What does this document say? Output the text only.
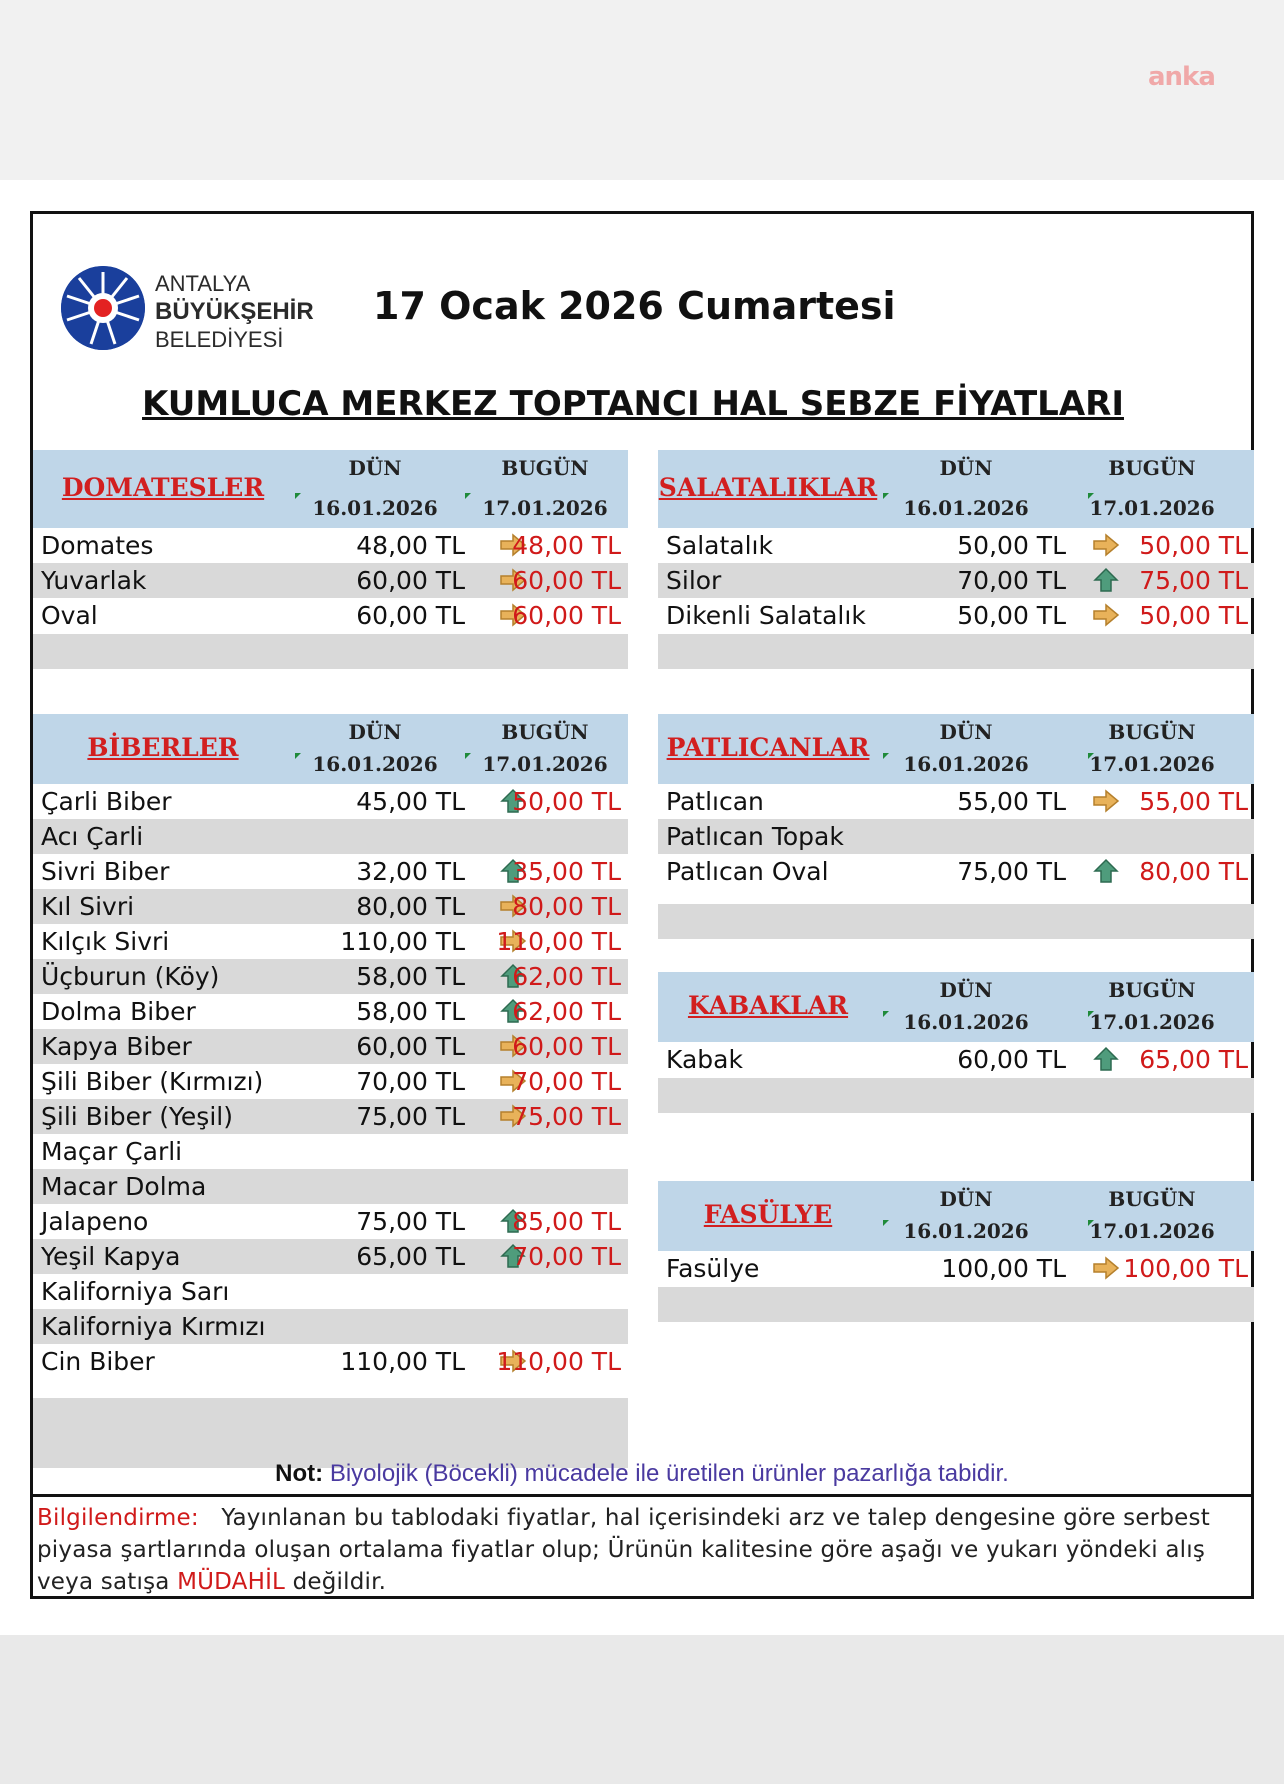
anka
ANTALYA
BÜYÜKŞEHİR
BELEDİYESİ
17 Ocak 2026 Cumartesi
KUMLUCA MERKEZ TOPTANCI HAL SEBZE FİYATLARI
DOMATESLER
DÜN	BUGÜN
16.01.2026	17.01.2026
Domates	48,00 TL	48,00 TL
Yuvarlak	60,00 TL	60,00 TL
Oval	60,00 TL	60,00 TL
SALATALIKLAR
DÜN	BUGÜN
16.01.2026	17.01.2026
Salatalık	50,00 TL	50,00 TL
Silor	70,00 TL	75,00 TL
Dikenli Salatalık	50,00 TL	50,00 TL
BİBERLER
DÜN	BUGÜN
16.01.2026	17.01.2026
Çarli Biber	45,00 TL	50,00 TL
Acı Çarli
Sivri Biber	32,00 TL	35,00 TL
Kıl Sivri	80,00 TL	80,00 TL
Kılçık Sivri	110,00 TL	110,00 TL
Üçburun (Köy)	58,00 TL	62,00 TL
Dolma Biber	58,00 TL	62,00 TL
Kapya Biber	60,00 TL	60,00 TL
Şili Biber (Kırmızı)	70,00 TL	70,00 TL
Şili Biber (Yeşil)	75,00 TL	75,00 TL
Maçar Çarli
Macar Dolma
Jalapeno	75,00 TL	85,00 TL
Yeşil Kapya	65,00 TL	70,00 TL
Kaliforniya Sarı
Kaliforniya Kırmızı
Cin Biber	110,00 TL	110,00 TL
PATLICANLAR
DÜN	BUGÜN
16.01.2026	17.01.2026
Patlıcan	55,00 TL	55,00 TL
Patlıcan Topak
Patlıcan Oval	75,00 TL	80,00 TL
KABAKLAR
DÜN	BUGÜN
16.01.2026	17.01.2026
Kabak	60,00 TL	65,00 TL
FASÜLYE
DÜN	BUGÜN
16.01.2026	17.01.2026
Fasülye	100,00 TL	100,00 TL
Not: Biyolojik (Böcekli) mücadele ile üretilen ürünler pazarlığa tabidir.
Bilgilendirme: Yayınlanan bu tablodaki fiyatlar, hal içerisindeki arz ve talep dengesine göre serbest piyasa şartlarında oluşan ortalama fiyatlar olup; Ürünün kalitesine göre aşağı ve yukarı yöndeki alış veya satışa MÜDAHİL değildir.
